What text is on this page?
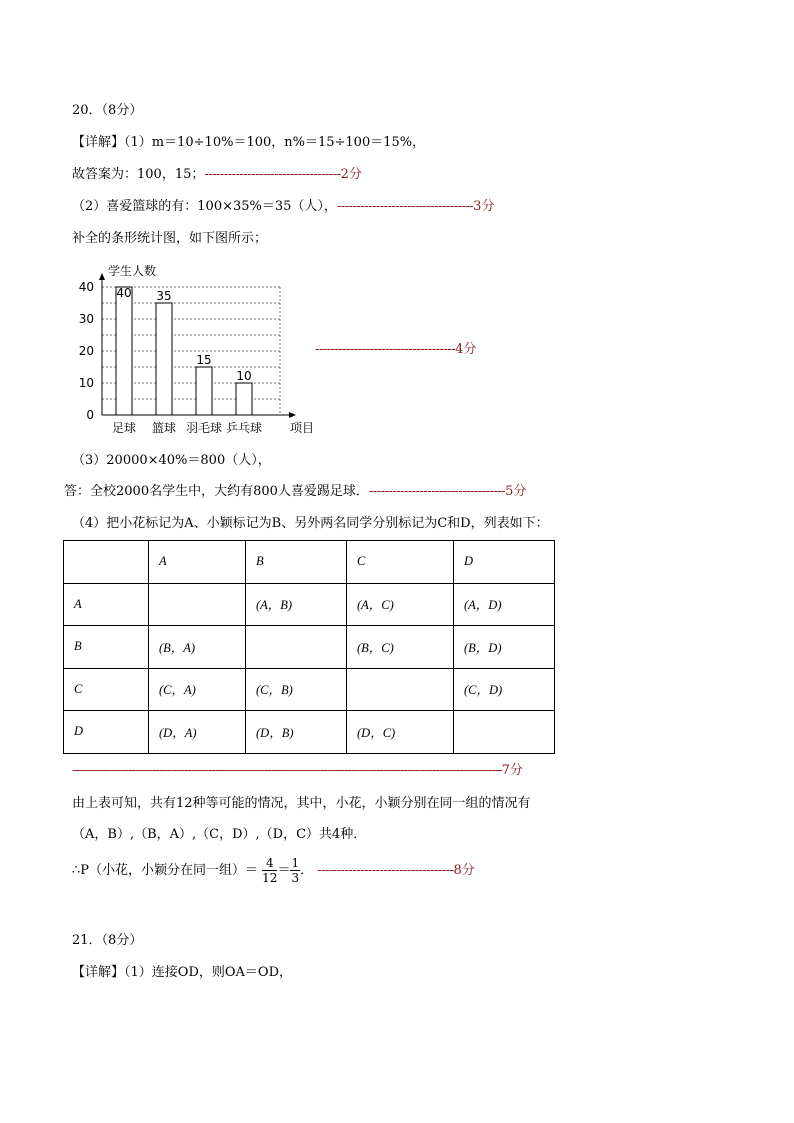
20．（8分）
【详解】（1）m＝10÷10%＝100，n%＝15÷100＝15%，
故答案为：100，15；-----------------------------------2分
（2）喜爱篮球的有：100×35%＝35（人），-----------------------------------3分
补全的条形统计图，如下图所示；
0
10
20
30
40
学生人数
项目
40
足球
35
篮球
15
羽毛球
10
乒乓球
------------------------------------4分
（3）20000×40%＝800（人），
答：全校2000名学生中，大约有800人喜爱踢足球．-----------------------------------5分
（4）把小花标记为A、小颖标记为B、另外两名同学分别标记为C和D，列表如下：
	A	B	C	D
A		(A，B)	(A，C)	(A，D)
B	(B，A)		(B，C)	(B，D)
C	(C，A)	(C，B)		(C，D)
D	(D，A)	(D，B)	(D，C)	
---------------------------------------------------------------------------------------------------------------------------7分
由上表可知，共有12种等可能的情况，其中，小花，小颖分别在同一组的情况有
（A，B）,（B，A）,（C，D）,（D，C）共4种．
∴P（小花，小颖分在同一组）＝ $\frac{4}{12} = \frac{1}{3}$ ． -----------------------------------8分
21．（8分）
【详解】（1）连接OD，则OA＝OD，
